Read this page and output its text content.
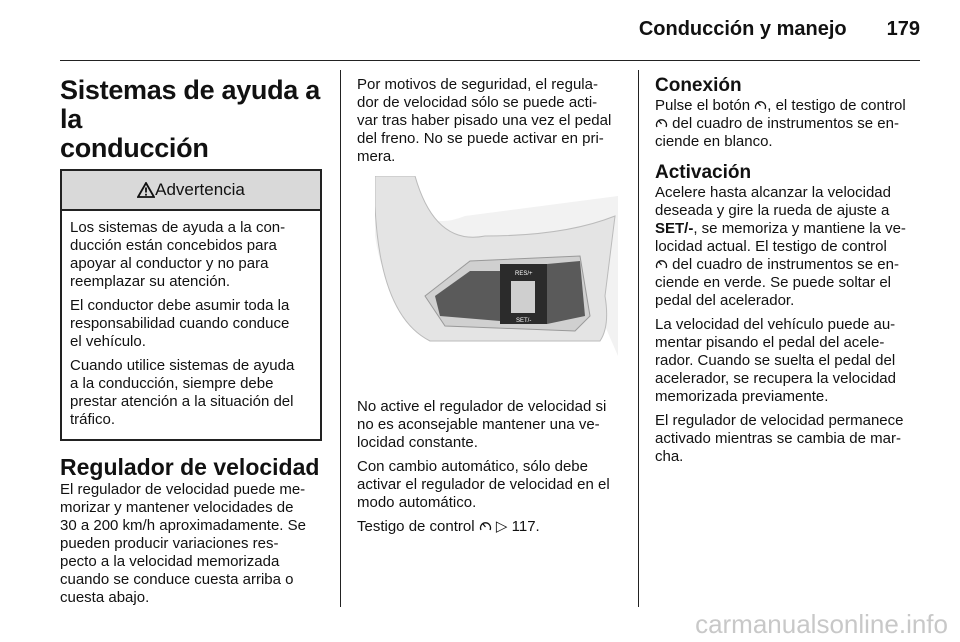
Conducción y manejo 179
Sistemas de ayuda a la
conducción
Advertencia

Los sistemas de ayuda a la con-
ducción están concebidos para
apoyar al conductor y no para
reemplazar su atención.

El conductor debe asumir toda la
responsabilidad cuando conduce
el vehículo.

Cuando utilice sistemas de ayuda
a la conducción, siempre debe
prestar atención a la situación del
tráfico.

Regulador de velocidad

El regulador de velocidad puede me-
morizar y mantener velocidades de
30 a 200 km/h aproximadamente. Se
pueden producir variaciones res-
pecto a la velocidad memorizada
cuando se conduce cuesta arriba o
cuesta abajo.

Por motivos de seguridad, el regula-
dor de velocidad sólo se puede acti-
var tras haber pisado una vez el pedal
del freno. No se puede activar en pri-
mera.

RES/+
SET/-

No active el regulador de velocidad si
no es aconsejable mantener una ve-
locidad constante.

Con cambio automático, sólo debe
activar el regulador de velocidad en el
modo automático.

Testigo de control  ▷ 117.

Conexión

Pulse el botón , el testigo de control
del cuadro de instrumentos se en-
ciende en blanco.

Activación

Acelere hasta alcanzar la velocidad
deseada y gire la rueda de ajuste a
SET/-, se memoriza y mantiene la ve-
locidad actual. El testigo de control
del cuadro de instrumentos se en-
ciende en verde. Se puede soltar el
pedal del acelerador.

La velocidad del vehículo puede au-
mentar pisando el pedal del acele-
rador. Cuando se suelta el pedal del
acelerador, se recupera la velocidad
memorizada previamente.

El regulador de velocidad permanece
activado mientras se cambia de mar-
cha.

carmanualsonline.info
